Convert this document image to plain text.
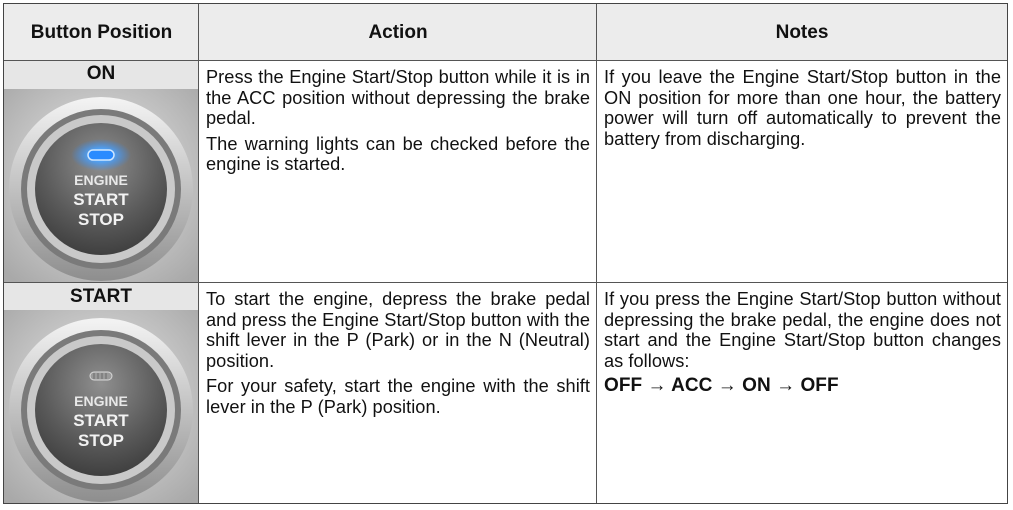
Button Position	Action	Notes
ON
ENGINE
START
STOP

Press the Engine Start/Stop button while it is in the ACC position without depressing the brake pedal.

The warning lights can be checked before the engine is started.

If you leave the Engine Start/Stop button in the ON position for more than one hour, the battery power will turn off automatically to prevent the battery from discharging.

START
ENGINE
START
STOP

To start the engine, depress the brake pedal and press the Engine Start/Stop button with the shift lever in the P (Park) or in the N (Neutral) position.

For your safety, start the engine with the shift lever in the P (Park) position.

If you press the Engine Start/Stop button without depressing the brake pedal, the engine does not start and the Engine Start/Stop button changes as follows:

OFF → ACC → ON → OFF
